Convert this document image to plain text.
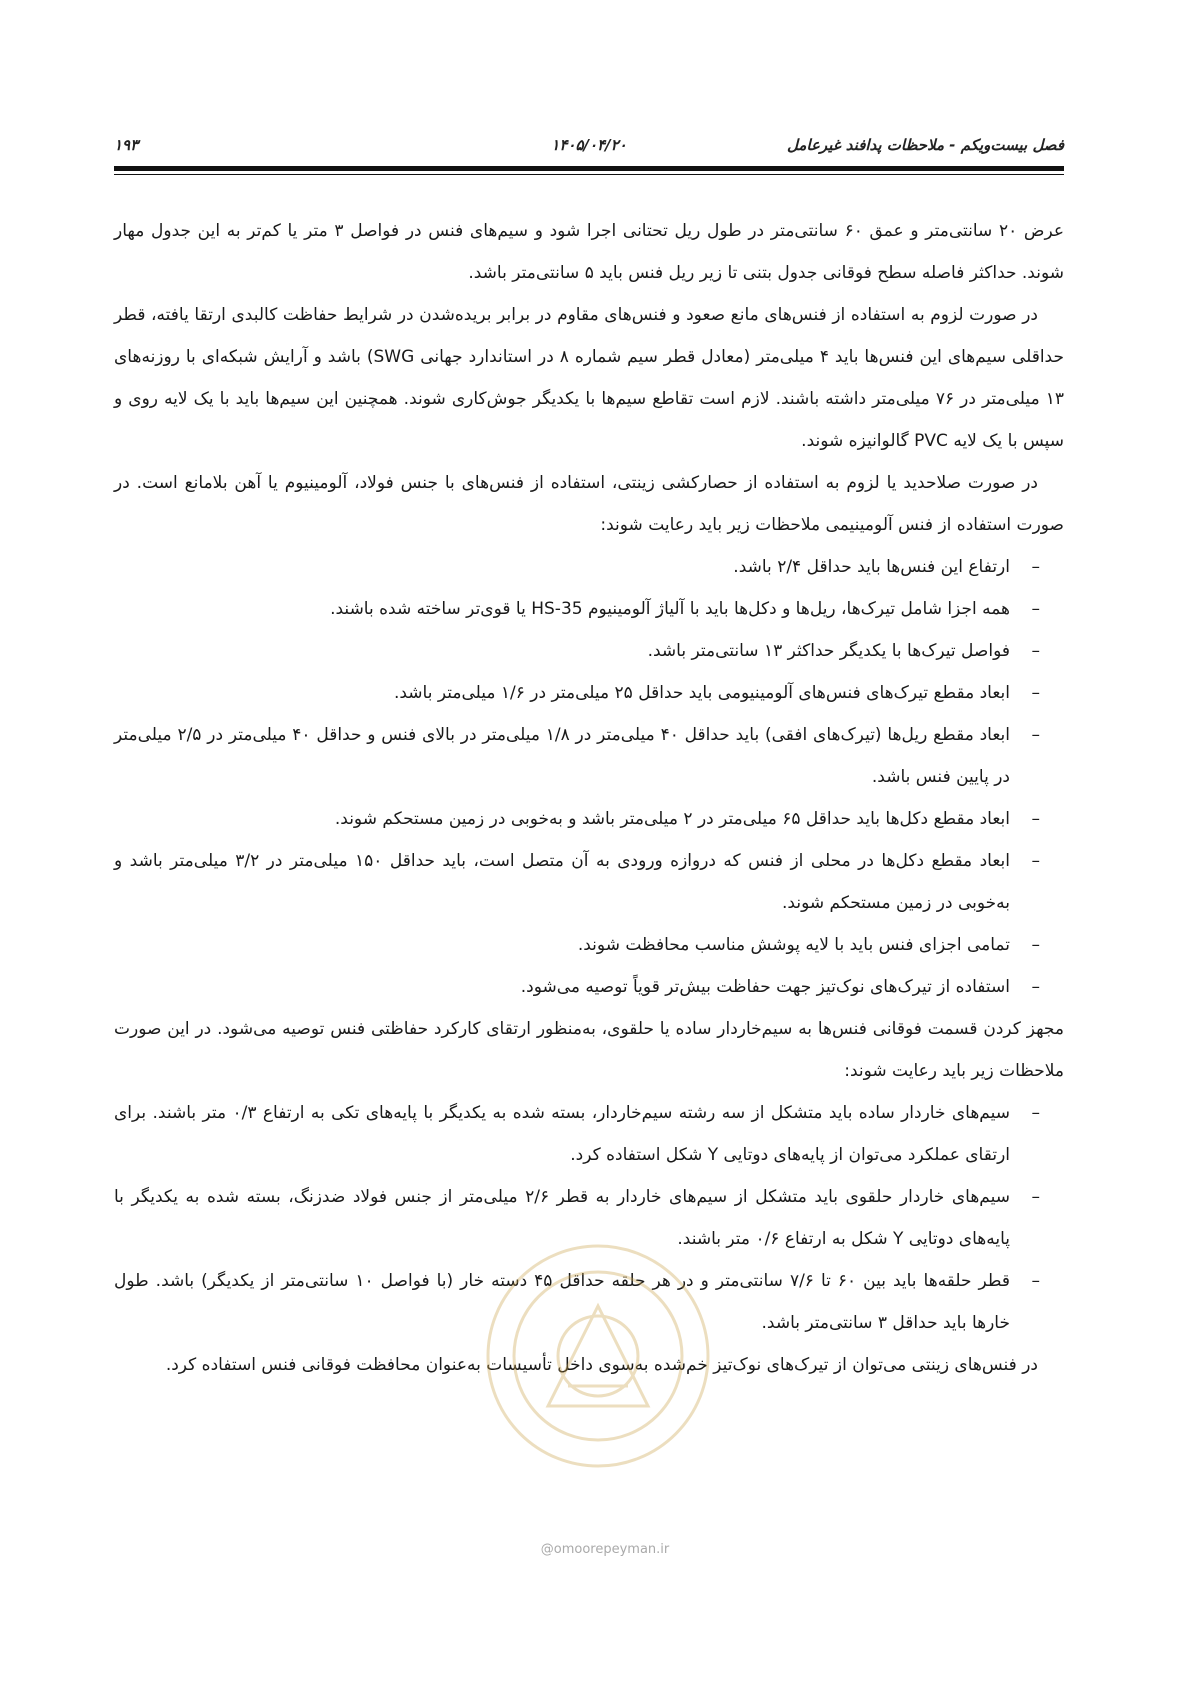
فصل بیست‌ویکم - ملاحظات پدافند غیرعامل
۱۴۰۵/۰۴/۲۰
۱۹۳

عرض ۲۰ سانتی‌متر و عمق ۶۰ سانتی‌متر در طول ریل تحتانی اجرا شود و سیم‌های فنس در فواصل ۳ متر یا کم‌تر به این جدول مهار شوند. حداکثر فاصله سطح فوقانی جدول بتنی تا زیر ریل فنس باید ۵ سانتی‌متر باشد.

در صورت لزوم به استفاده از فنس‌های مانع صعود و فنس‌های مقاوم در برابر بریده‌شدن در شرایط حفاظت کالبدی ارتقا یافته، قطر حداقلی سیم‌های این فنس‌ها باید ۴ میلی‌متر (معادل قطر سیم شماره ۸ در استاندارد جهانی SWG) باشد و آرایش شبکه‌ای با روزنه‌های ۱۳ میلی‌متر در ۷۶ میلی‌متر داشته باشند. لازم است تقاطع سیم‌ها با یکدیگر جوش‌کاری شوند. همچنین این سیم‌ها باید با یک لایه روی و سپس با یک لایه PVC گالوانیزه شوند.

در صورت صلاحدید یا لزوم به استفاده از حصارکشی زینتی، استفاده از فنس‌های با جنس فولاد، آلومینیوم یا آهن بلامانع است. در صورت استفاده از فنس آلومینیمی ملاحظات زیر باید رعایت شوند:

–
ارتفاع این فنس‌ها باید حداقل ۲/۴ باشد.
–
همه اجزا شامل تیرک‌ها، ریل‌ها و دکل‌ها باید با آلیاژ آلومینیوم HS-35 یا قوی‌تر ساخته شده باشند.
–
فواصل تیرک‌ها با یکدیگر حداکثر ۱۳ سانتی‌متر باشد.
–
ابعاد مقطع تیرک‌های فنس‌های آلومینیومی باید حداقل ۲۵ میلی‌متر در ۱/۶ میلی‌متر باشد.
–
ابعاد مقطع ریل‌ها (تیرک‌های افقی) باید حداقل ۴۰ میلی‌متر در ۱/۸ میلی‌متر در بالای فنس و حداقل ۴۰ میلی‌متر در ۲/۵ میلی‌متر در پایین فنس باشد.
–
ابعاد مقطع دکل‌ها باید حداقل ۶۵ میلی‌متر در ۲ میلی‌متر باشد و به‌خوبی در زمین مستحکم شوند.
–
ابعاد مقطع دکل‌ها در محلی از فنس که دروازه ورودی به آن متصل است، باید حداقل ۱۵۰ میلی‌متر در ۳/۲ میلی‌متر باشد و به‌خوبی در زمین مستحکم شوند.
–
تمامی اجزای فنس باید با لایه پوشش مناسب محافظت شوند.
–
استفاده از تیرک‌های نوک‌تیز جهت حفاظت بیش‌تر قویاً توصیه می‌شود.

مجهز کردن قسمت فوقانی فنس‌ها به سیم‌خاردار ساده یا حلقوی، به‌منظور ارتقای کارکرد حفاظتی فنس توصیه می‌شود. در این صورت ملاحظات زیر باید رعایت شوند:

–
سیم‌های خاردار ساده باید متشکل از سه رشته سیم‌خاردار، بسته شده به یکدیگر با پایه‌های تکی به ارتفاع ۰/۳ متر باشند. برای ارتقای عملکرد می‌توان از پایه‌های دوتایی Y شکل استفاده کرد.
–
سیم‌های خاردار حلقوی باید متشکل از سیم‌های خاردار به قطر ۲/۶ میلی‌متر از جنس فولاد ضدزنگ، بسته شده به یکدیگر با پایه‌های دوتایی Y شکل به ارتفاع ۰/۶ متر باشند.
–
قطر حلقه‌ها باید بین ۶۰ تا ۷/۶ سانتی‌متر و در هر حلقه حداقل ۴۵ دسته خار (با فواصل ۱۰ سانتی‌متر از یکدیگر) باشد. طول خارها باید حداقل ۳ سانتی‌متر باشد.

در فنس‌های زینتی می‌توان از تیرک‌های نوک‌تیز خم‌شده به‌سوی داخل تأسیسات به‌عنوان محافظت فوقانی فنس استفاده کرد.

@omoorepeyman.ir
